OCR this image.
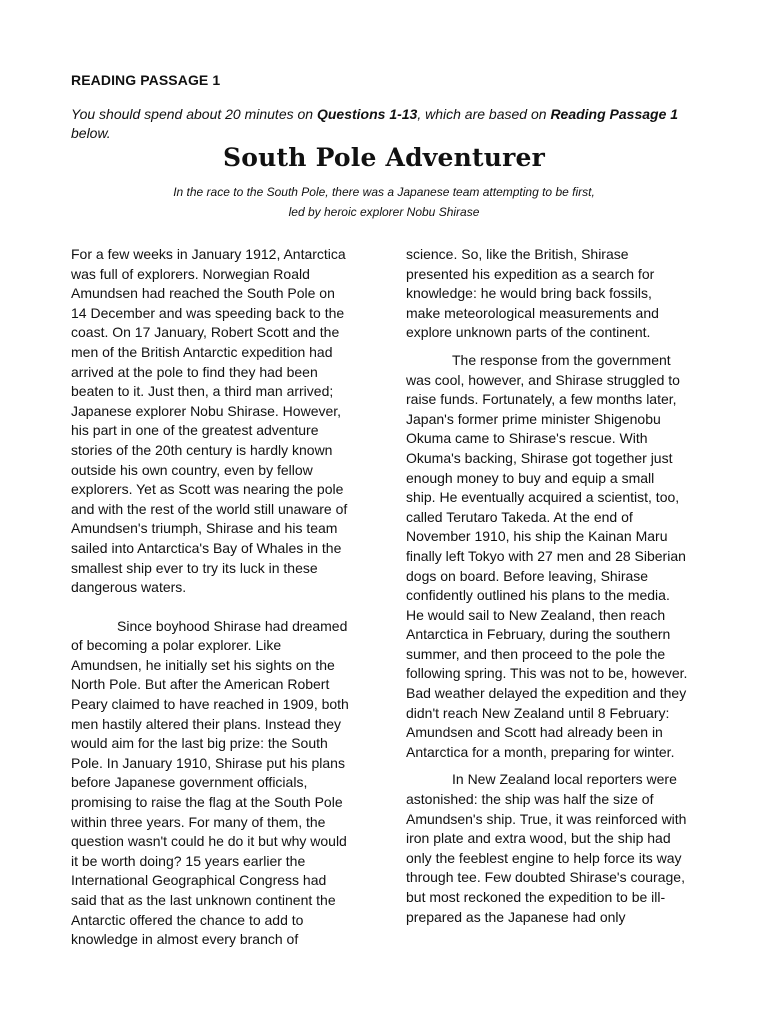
READING PASSAGE 1
You should spend about 20 minutes on Questions 1-13, which are based on Reading Passage 1
below.
South Pole Adventurer
In the race to the South Pole, there was a Japanese team attempting to be first,
led by heroic explorer Nobu Shirase

For a few weeks in January 1912, Antarctica
was full of explorers. Norwegian Roald
Amundsen had reached the South Pole on
14 December and was speeding back to the
coast. On 17 January, Robert Scott and the
men of the British Antarctic expedition had
arrived at the pole to find they had been
beaten to it. Just then, a third man arrived;
Japanese explorer Nobu Shirase. However,
his part in one of the greatest adventure
stories of the 20th century is hardly known
outside his own country, even by fellow
explorers. Yet as Scott was nearing the pole
and with the rest of the world still unaware of
Amundsen's triumph, Shirase and his team
sailed into Antarctica's Bay of Whales in the
smallest ship ever to try its luck in these
dangerous waters.

Since boyhood Shirase had dreamed
of becoming a polar explorer. Like
Amundsen, he initially set his sights on the
North Pole. But after the American Robert
Peary claimed to have reached in 1909, both
men hastily altered their plans. Instead they
would aim for the last big prize: the South
Pole. In January 1910, Shirase put his plans
before Japanese government officials,
promising to raise the flag at the South Pole
within three years. For many of them, the
question wasn't could he do it but why would
it be worth doing? 15 years earlier the
International Geographical Congress had
said that as the last unknown continent the
Antarctic offered the chance to add to
knowledge in almost every branch of

science. So, like the British, Shirase
presented his expedition as a search for
knowledge: he would bring back fossils,
make meteorological measurements and
explore unknown parts of the continent.

The response from the government
was cool, however, and Shirase struggled to
raise funds. Fortunately, a few months later,
Japan's former prime minister Shigenobu
Okuma came to Shirase's rescue. With
Okuma's backing, Shirase got together just
enough money to buy and equip a small
ship. He eventually acquired a scientist, too,
called Terutaro Takeda. At the end of
November 1910, his ship the Kainan Maru
finally left Tokyo with 27 men and 28 Siberian
dogs on board. Before leaving, Shirase
confidently outlined his plans to the media.
He would sail to New Zealand, then reach
Antarctica in February, during the southern
summer, and then proceed to the pole the
following spring. This was not to be, however.
Bad weather delayed the expedition and they
didn't reach New Zealand until 8 February:
Amundsen and Scott had already been in
Antarctica for a month, preparing for winter.

In New Zealand local reporters were
astonished: the ship was half the size of
Amundsen's ship. True, it was reinforced with
iron plate and extra wood, but the ship had
only the feeblest engine to help force its way
through tee. Few doubted Shirase's courage,
but most reckoned the expedition to be ill-
prepared as the Japanese had only
